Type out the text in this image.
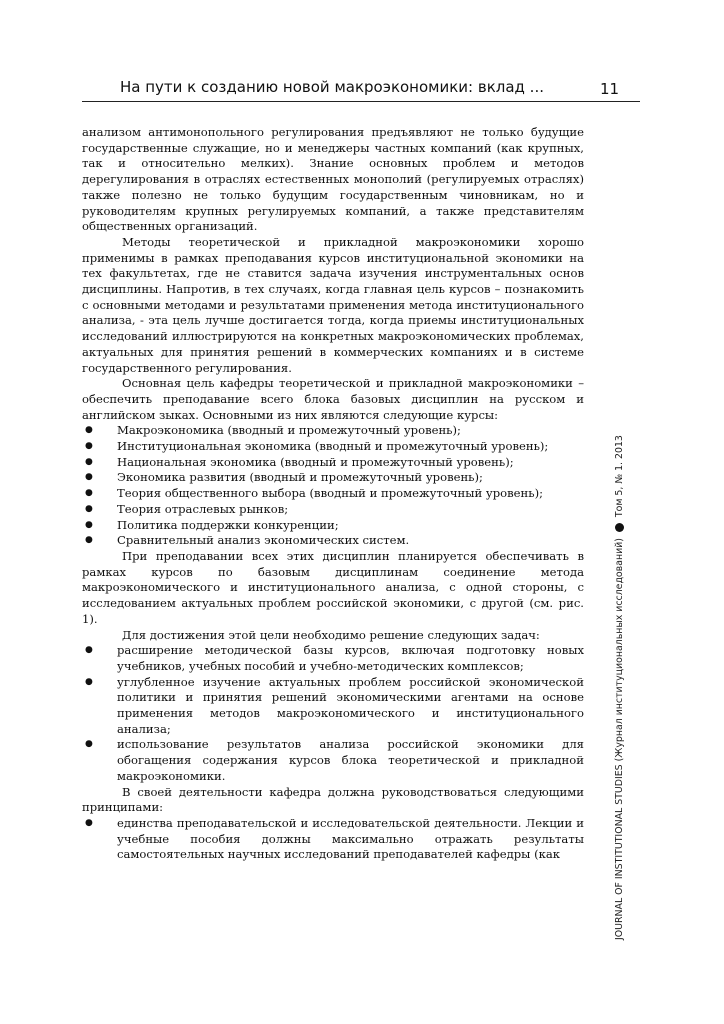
На пути к созданию новой макроэкономики: вклад ...	11

анализом антимонопольного регулирования предъявляют не только будущие государственные служащие, но и менеджеры частных компаний (как крупных, так и относительно мелких). Знание основных проблем и методов дерегулирования в отраслях естественных монополий (регулируемых отраслях) также полезно не только будущим государственным чиновникам, но и руководителям крупных регулируемых компаний, а также представителям общественных организаций.

Методы теоретической и прикладной макроэкономики хорошо применимы в рамках преподавания курсов институциональной экономики на тех факультетах, где не ставится задача изучения инструментальных основ дисциплины. Напротив, в тех случаях, когда главная цель курсов – познакомить с основными методами и результатами применения метода институционального анализа, - эта цель лучше достигается тогда, когда приемы институциональных исследований иллюстрируются на конкретных макроэкономических проблемах, актуальных для принятия решений в коммерческих компаниях и в системе государственного регулирования.

Основная цель кафедры теоретической и прикладной макроэкономики – обеспечить преподавание всего блока базовых дисциплин на русском и английском зыках. Основными из них являются следующие курсы:

● Макроэкономика (вводный и промежуточный уровень);
● Институциональная экономика (вводный и промежуточный уровень);
● Национальная экономика (вводный и промежуточный уровень);
● Экономика развития (вводный и промежуточный уровень);
● Теория общественного выбора (вводный и промежуточный уровень);
● Теория отраслевых рынков;
● Политика поддержки конкуренции;
● Сравнительный анализ экономических систем.

При преподавании всех этих дисциплин планируется обеспечивать в рамках курсов по базовым дисциплинам соединение метода макроэкономического и институционального анализа, с одной стороны, с исследованием актуальных проблем российской экономики, с другой (см. рис. 1).

Для достижения этой цели необходимо решение следующих задач:

● расширение методической базы курсов, включая подготовку новых учебников, учебных пособий и учебно-методических комплексов;
● углубленное изучение актуальных проблем российской экономической политики и принятия решений экономическими агентами на основе применения методов макроэкономического и институционального анализа;
● использование результатов анализа российской экономики для обогащения содержания курсов блока теоретической и прикладной макроэкономики.

В своей деятельности кафедра должна руководствоваться следующими принципами:

● единства преподавательской и исследовательской деятельности. Лекции и учебные пособия должны максимально отражать результаты самостоятельных научных исследований преподавателей кафедры (как	JOURNAL OF INSTITUTIONAL STUDIES (Журнал институциональных исследований)
Том 5, № 1. 2013
